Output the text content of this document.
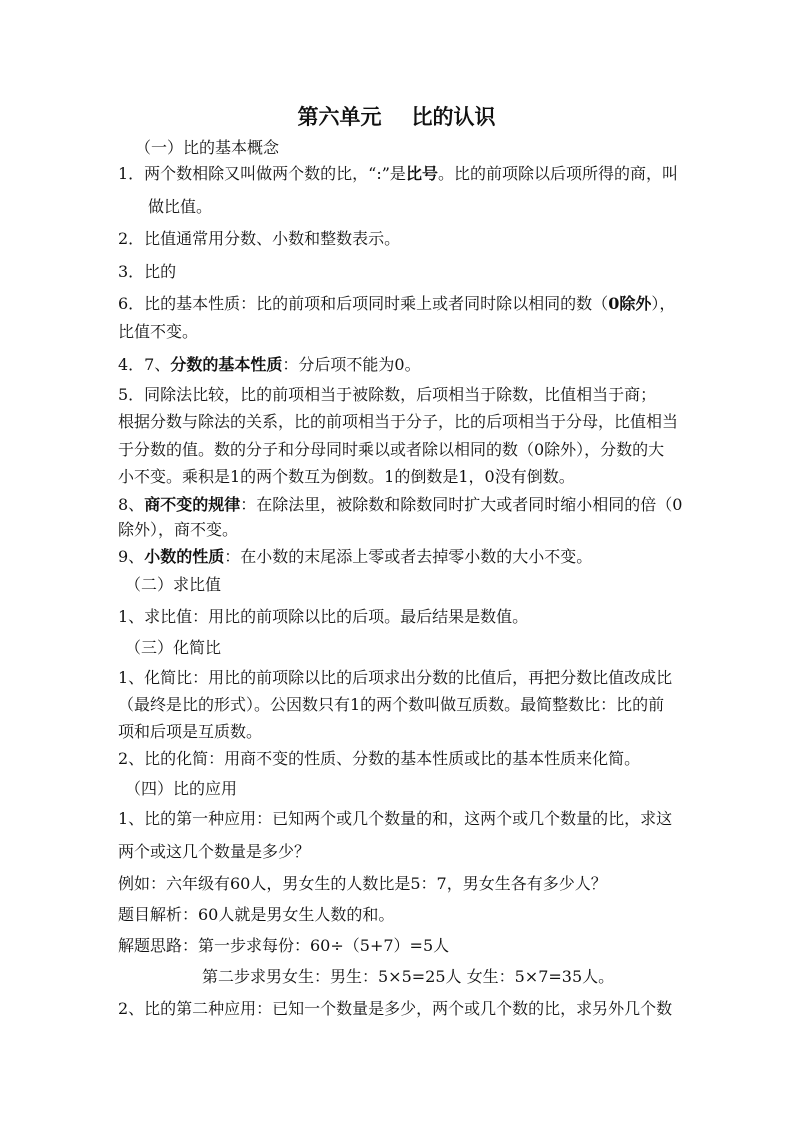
第六单元 比的认识
（一）比的基本概念
1．两个数相除又叫做两个数的比，“:”是比号。比的前项除以后项所得的商，叫
做比值。
2．比值通常用分数、小数和整数表示。
3．比的
6．比的基本性质：比的前项和后项同时乘上或者同时除以相同的数（0除外），
比值不变。
4．7、分数的基本性质：分后项不能为0。
5．同除法比较，比的前项相当于被除数，后项相当于除数，比值相当于商；
根据分数与除法的关系，比的前项相当于分子，比的后项相当于分母，比值相当
于分数的值。数的分子和分母同时乘以或者除以相同的数（0除外），分数的大
小不变。乘积是1的两个数互为倒数。1的倒数是1，0没有倒数。
8、商不变的规律：在除法里，被除数和除数同时扩大或者同时缩小相同的倍（0
除外），商不变。
9、小数的性质：在小数的末尾添上零或者去掉零小数的大小不变。
（二）求比值
1、求比值：用比的前项除以比的后项。最后结果是数值。
（三）化简比
1、化简比：用比的前项除以比的后项求出分数的比值后，再把分数比值改成比
（最终是比的形式）。公因数只有1的两个数叫做互质数。最简整数比：比的前
项和后项是互质数。
2、比的化简：用商不变的性质、分数的基本性质或比的基本性质来化简。
（四）比的应用
1、比的第一种应用：已知两个或几个数量的和，这两个或几个数量的比，求这
两个或这几个数量是多少？
例如：六年级有60人，男女生的人数比是5：7，男女生各有多少人？
题目解析：60人就是男女生人数的和。
解题思路：第一步求每份：60÷（5+7）=5人
第二步求男女生：男生：5×5=25人 女生：5×7=35人。
2、比的第二种应用：已知一个数量是多少，两个或几个数的比，求另外几个数
